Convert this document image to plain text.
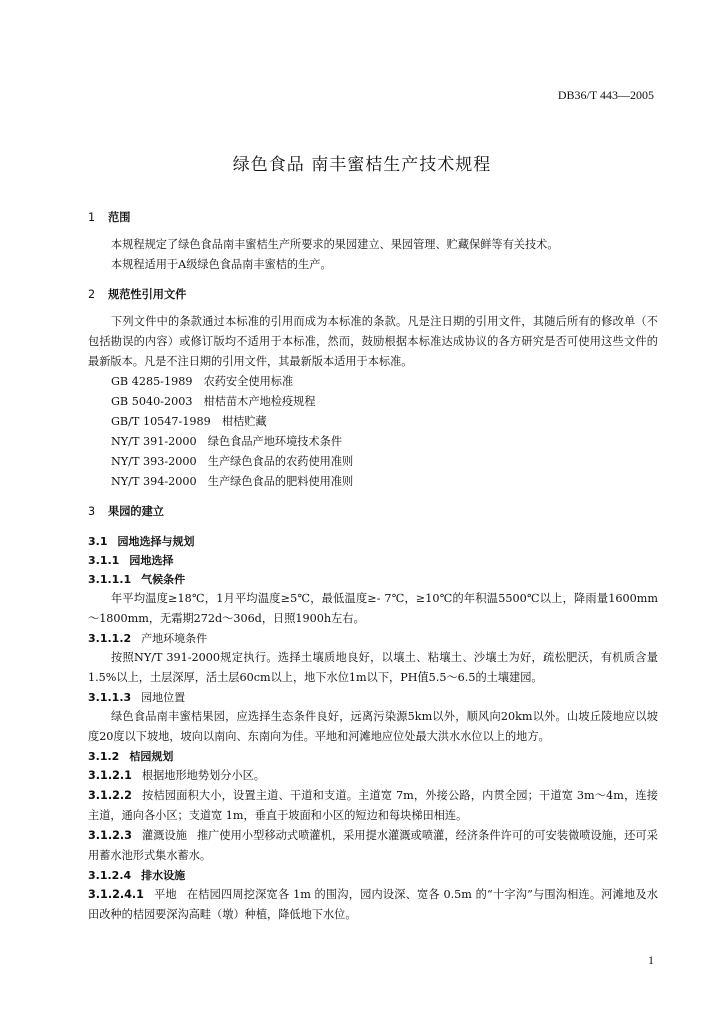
DB36/T 443—2005
绿色食品 南丰蜜桔生产技术规程
1 范围

本规程规定了绿色食品南丰蜜桔生产所要求的果园建立、果园管理、贮藏保鲜等有关技术。

本规程适用于A级绿色食品南丰蜜桔的生产。

2 规范性引用文件

下列文件中的条款通过本标准的引用而成为本标准的条款。凡是注日期的引用文件，其随后所有的修改单（不包括勘误的内容）或修订版均不适用于本标准，然而，鼓励根据本标准达成协议的各方研究是否可使用这些文件的最新版本。凡是不注日期的引用文件，其最新版本适用于本标准。

GB 4285-1989　农药安全使用标准

GB 5040-2003　柑桔苗木产地检疫规程

GB/T 10547-1989　柑桔贮藏

NY/T 391-2000　绿色食品产地环境技术条件

NY/T 393-2000　生产绿色食品的农药使用准则

NY/T 394-2000　生产绿色食品的肥料使用准则

3 果园的建立
3.1 园地选择与规划
3.1.1 园地选择
3.1.1.1 气候条件

年平均温度≥18℃，1月平均温度≥5℃，最低温度≥- 7℃，≥10℃的年积温5500℃以上，降雨量1600mm～1800mm，无霜期272d～306d，日照1900h左右。

3.1.1.2 产地环境条件

按照NY/T 391-2000规定执行。选择土壤质地良好，以壤土、粘壤土、沙壤土为好，疏松肥沃，有机质含量1.5%以上，土层深厚，活土层60cm以上，地下水位1m以下，PH值5.5～6.5的土壤建园。

3.1.1.3 园地位置

绿色食品南丰蜜桔果园，应选择生态条件良好，远离污染源5km以外，顺风向20km以外。山坡丘陵地应以坡度20度以下坡地，坡向以南向、东南向为佳。平地和河滩地应位处最大洪水水位以上的地方。

3.1.2 桔园规划

3.1.2.1 根据地形地势划分小区。

3.1.2.2 按桔园面积大小，设置主道、干道和支道。主道宽 7m，外接公路，内贯全园；干道宽 3m～4m，连接主道，通向各小区；支道宽 1m，垂直于坡面和小区的短边和每块梯田相连。

3.1.2.3 灌溉设施 推广使用小型移动式喷灌机，采用提水灌溉或喷灌，经济条件许可的可安装微喷设施，还可采用蓄水池形式集水蓄水。

3.1.2.4 排水设施

3.1.2.4.1 平地 在桔园四周挖深宽各 1m 的围沟，园内设深、宽各 0.5m 的“十字沟”与围沟相连。河滩地及水田改种的桔园要深沟高畦（墩）种植，降低地下水位。

1
